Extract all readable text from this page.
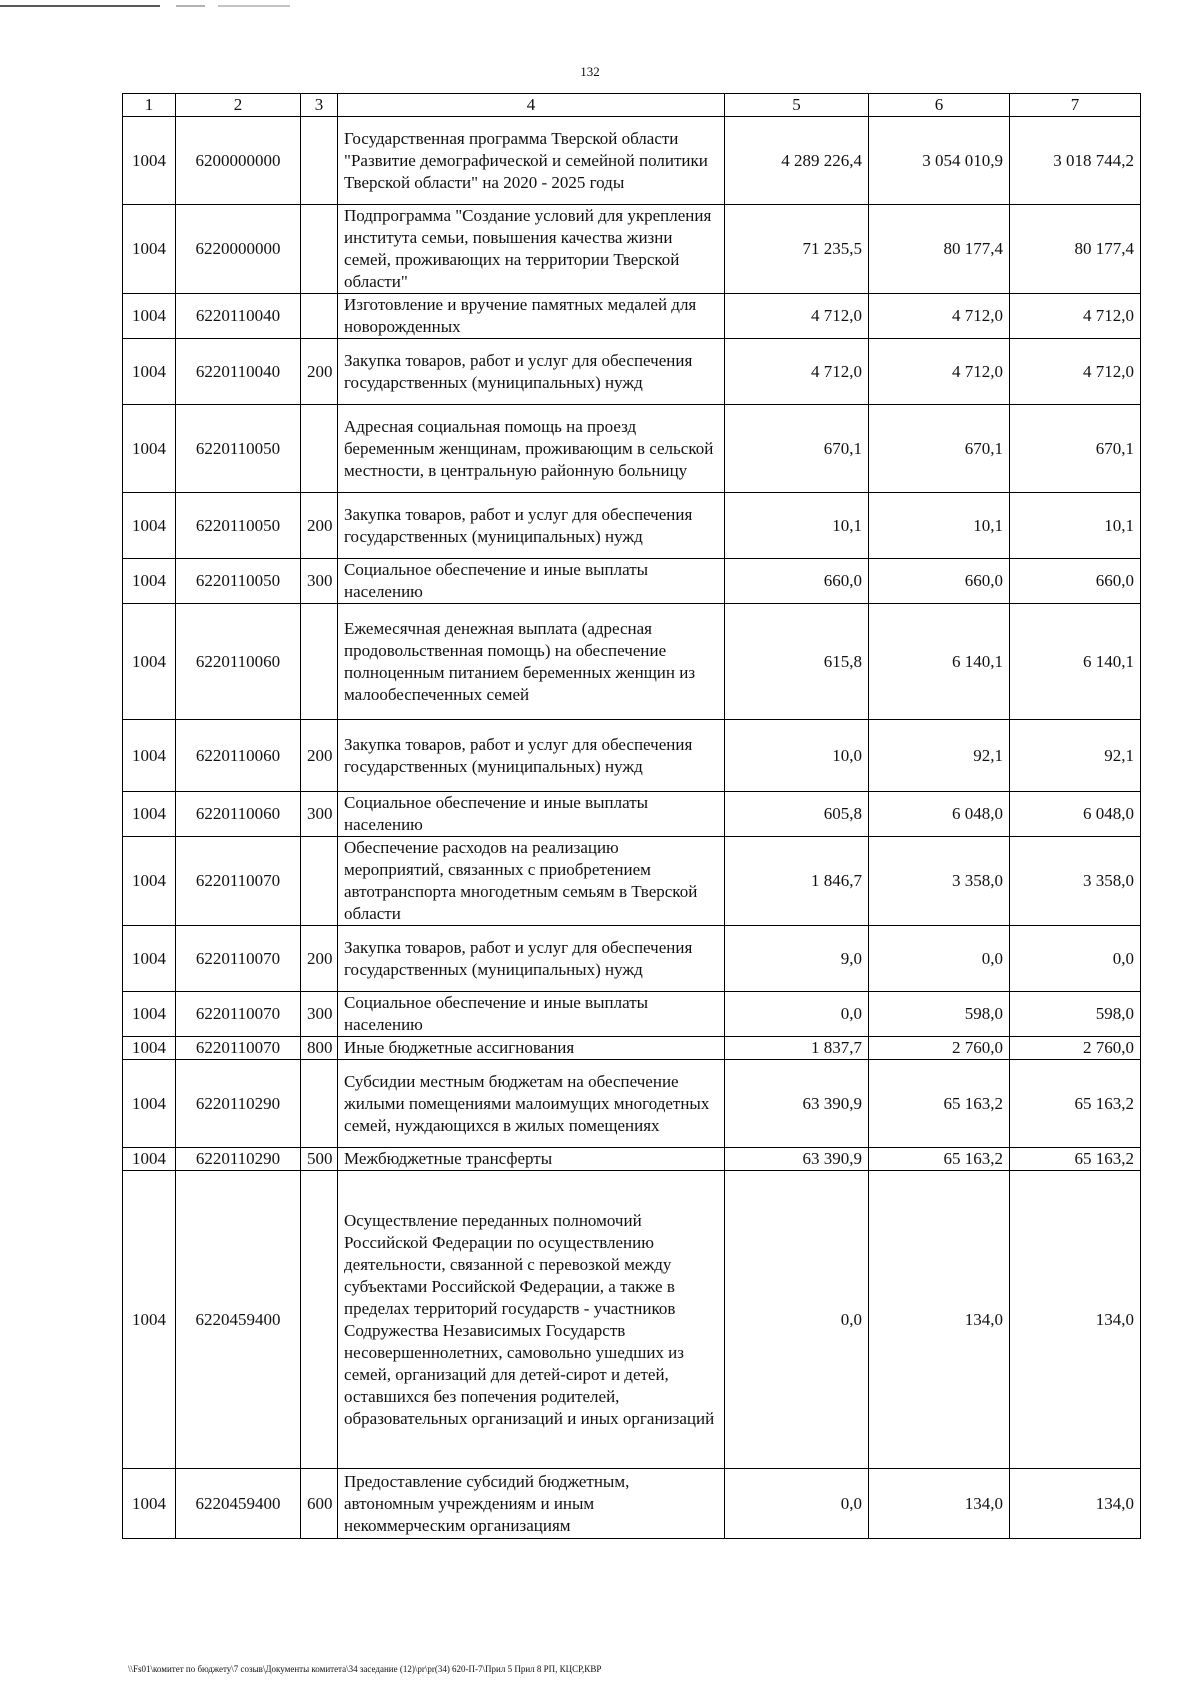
132
1	2	3	4	5	6	7
1004	6200000000		Государственная программа Тверской области "Развитие демографической и семейной политики Тверской области" на 2020 - 2025 годы	4 289 226,4	3 054 010,9	3 018 744,2
1004	6220000000		Подпрограмма "Создание условий для укрепления института семьи, повышения качества жизни семей, проживающих на территории Тверской области"	71 235,5	80 177,4	80 177,4
1004	6220110040		Изготовление и вручение памятных медалей для новорожденных	4 712,0	4 712,0	4 712,0
1004	6220110040	200	Закупка товаров, работ и услуг для обеспечения государственных (муниципальных) нужд	4 712,0	4 712,0	4 712,0
1004	6220110050		Адресная социальная помощь на проезд беременным женщинам, проживающим в сельской местности, в центральную районную больницу	670,1	670,1	670,1
1004	6220110050	200	Закупка товаров, работ и услуг для обеспечения государственных (муниципальных) нужд	10,1	10,1	10,1
1004	6220110050	300	Социальное обеспечение и иные выплаты населению	660,0	660,0	660,0
1004	6220110060		Ежемесячная денежная выплата (адресная продовольственная помощь) на обеспечение полноценным питанием беременных женщин из малообеспеченных семей	615,8	6 140,1	6 140,1
1004	6220110060	200	Закупка товаров, работ и услуг для обеспечения государственных (муниципальных) нужд	10,0	92,1	92,1
1004	6220110060	300	Социальное обеспечение и иные выплаты населению	605,8	6 048,0	6 048,0
1004	6220110070		Обеспечение расходов на реализацию мероприятий, связанных с приобретением автотранспорта многодетным семьям в Тверской области	1 846,7	3 358,0	3 358,0
1004	6220110070	200	Закупка товаров, работ и услуг для обеспечения государственных (муниципальных) нужд	9,0	0,0	0,0
1004	6220110070	300	Социальное обеспечение и иные выплаты населению	0,0	598,0	598,0
1004	6220110070	800	Иные бюджетные ассигнования	1 837,7	2 760,0	2 760,0
1004	6220110290		Субсидии местным бюджетам на обеспечение жилыми помещениями малоимущих многодетных семей, нуждающихся в жилых помещениях	63 390,9	65 163,2	65 163,2
1004	6220110290	500	Межбюджетные трансферты	63 390,9	65 163,2	65 163,2
1004	6220459400		Осуществление переданных полномочий Российской Федерации по осуществлению деятельности, связанной с перевозкой между субъектами Российской Федерации, а также в пределах территорий государств - участников Содружества Независимых Государств несовершеннолетних, самовольно ушедших из семей, организаций для детей-сирот и детей, оставшихся без попечения родителей, образовательных организаций и иных организаций	0,0	134,0	134,0
1004	6220459400	600	Предоставление субсидий бюджетным, автономным учреждениям и иным некоммерческим организациям	0,0	134,0	134,0
\\Fs01\комитет по бюджету\7 созыв\Документы комитета\34 заседание (12)\pr\pr(34) 620-П-7\Прил 5 Прил 8 РП, КЦСР,КВР
